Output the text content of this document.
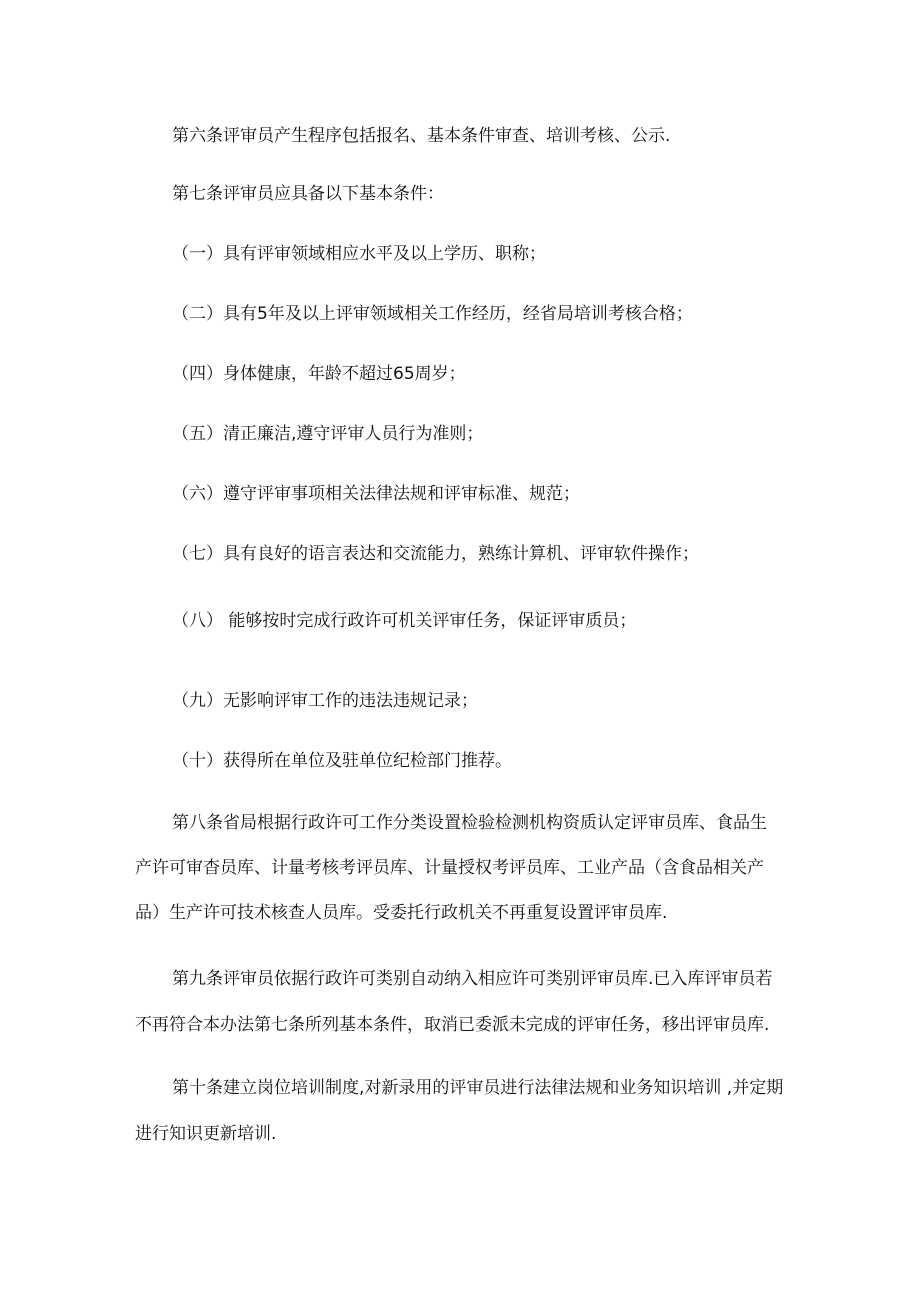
第六条评审员产生程序包括报名、基本条件审查、培训考核、公示.
第七条评审员应具备以下基本条件：
（一）具有评审领域相应水平及以上学历、职称；
（二）具有5年及以上评审领域相关工作经历，经省局培训考核合格；
（四）身体健康，年龄不超过65周岁；
（五）清正廉洁,遵守评审人员行为准则；
（六）遵守评审事项相关法律法规和评审标准、规范；
（七）具有良好的语言表达和交流能力，熟练计算机、评审软件操作；
（八） 能够按时完成行政许可机关评审任务，保证评审质员；
（九）无影响评审工作的违法违规记录；
（十）获得所在单位及驻单位纪检部门推荐。
第八条省局根据行政许可工作分类设置检验检测机构资质认定评审员库、食品生
产许可审杳员库、计量考核考评员库、计量授权考评员库、工业产品（含食品相关产
品）生产许可技术核查人员库。受委托行政机关不再重复设置评审员库.
第九条评审员依据行政许可类别自动纳入相应许可类别评审员库.已入库评审员若
不再符合本办法第七条所列基本条件，取消已委派未完成的评审任务，移出评审员库.
第十条建立岗位培训制度,对新录用的评审员进行法律法规和业务知识培训 ,并定期
进行知识更新培训.
